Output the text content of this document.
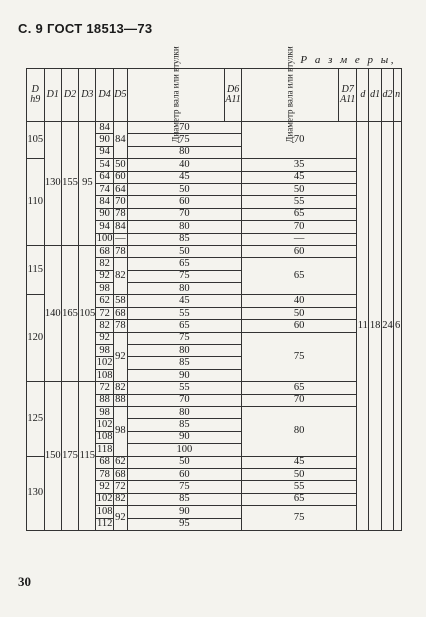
С. 9 ГОСТ 18513—73
Р а з м е р ы,
D h9	D1	D2	D3	D4	D5	Диаметр вала или втулки	D6 A11	Диаметр вала или втулки	D7 A11	d	d1	d2	n
105	130	155	95	84	84	70		70		11	18	24	6
				90		75							
				94		80							
110				54	50	40		35					
				64	60	45		45					
				74	64	50		50					
				84	70	60		55					
				90	78	70		65					
				94	84	80		70					
				100	—	85		—					
115	140	165	105	68	78	50		60					
				82	82	65		65					
				92		75							
				98		80							
120				62	58	45		40					
				72	68	55		50					
				82	78	65		60					
				92	92	75		75					
				98		80							
				102		85							
				108		90							
125	150	175	115	72	82	55		65					
				88	88	70		70					
				98	98	80		80					
				102		85							
				108		90							
				118		100							
130				68	62	50		45					
				78	68	60		50					
				92	72	75		55					
				102	82	85		65					
				108	92	90		75					
				112		95							
30
